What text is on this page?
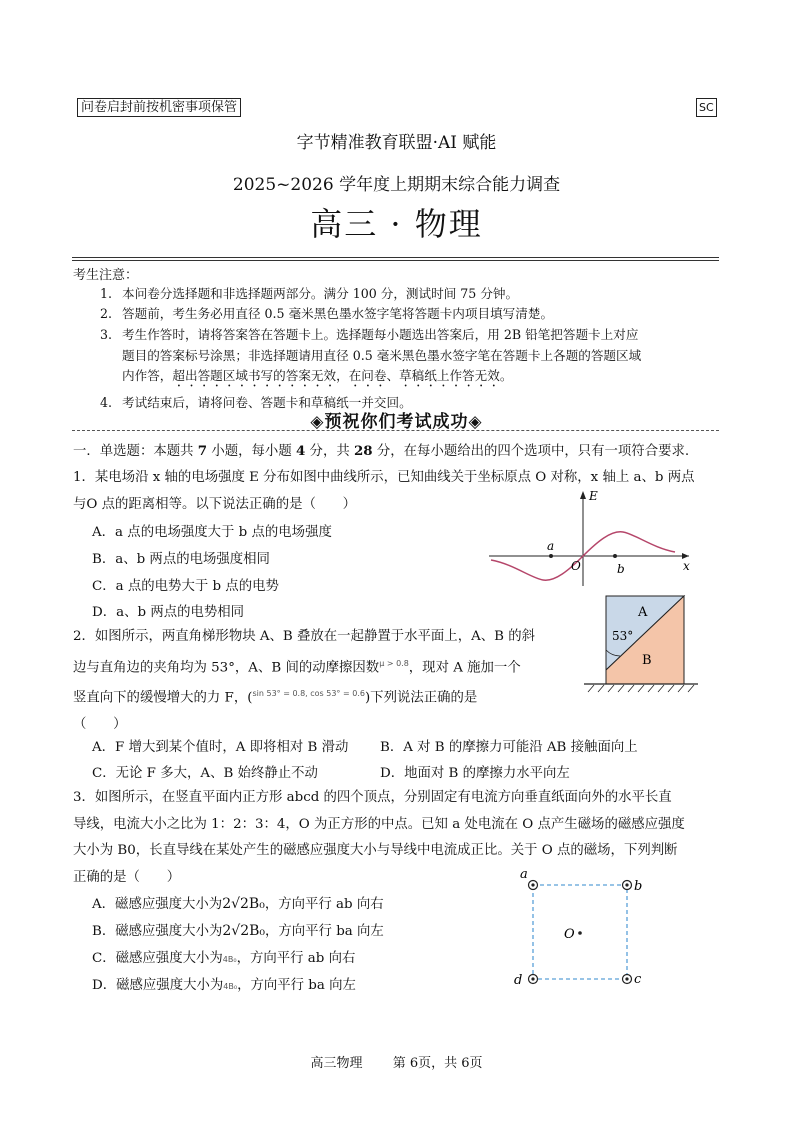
问卷启封前按机密事项保管	SC
字节精准教育联盟·AI 赋能
2025~2026 学年度上期期末综合能力调查
高三 · 物理
考生注意：
1. 本问卷分选择题和非选择题两部分。满分 100 分，测试时间 75 分钟。
2. 答题前，考生务必用直径 0.5 毫米黑色墨水签字笔将答题卡内项目填写清楚。
3. 考生作答时，请将答案答在答题卡上。选择题每小题选出答案后，用 2B 铅笔把答题卡上对应
题目的答案标号涂黑；非选择题请用直径 0.5 毫米黑色墨水签字笔在答题卡上各题的答题区域
内作答，超出答题区域书写的答案无效，在问卷、草稿纸上作答无效。
4. 考试结束后，请将问卷、答题卡和草稿纸一并交回。
◈预祝你们考试成功◈
一．单选题：本题共 7 小题，每小题 4 分，共 28 分，在每小题给出的四个选项中，只有一项符合要求.
1．某电场沿 x 轴的电场强度 E 分布如图中曲线所示，已知曲线关于坐标原点 O 对称，x 轴上 a、b 两点
与O 点的距离相等。以下说法正确的是（　　）
A．a 点的电场强度大于 b 点的电场强度
B．a、b 两点的电场强度相同
C．a 点的电势大于 b 点的电势
D．a、b 两点的电势相同
E
x
O
a
b
2．如图所示，两直角梯形物块 A、B 叠放在一起静置于水平面上，A、B 的斜
边与直角边的夹角均为 53°，A、B 间的动摩擦因数$^{\mu > 0.8}$，现对 A 施加一个
竖直向下的缓慢增大的力 F，($^{sin 53^\circ = 0.8, cos 53^\circ = 0.6}$)下列说法正确的是
（　　）
A．F 增大到某个值时，A 即将相对 B 滑动 B．A 对 B 的摩擦力可能沿 AB 接触面向上
C．无论 F 多大，A、B 始终静止不动	D．地面对 B 的摩擦力水平向左
A
B
53°
3．如图所示，在竖直平面内正方形 abcd 的四个顶点，分别固定有电流方向垂直纸面向外的水平长直
导线，电流大小之比为 1：2：3：4，O 为正方形的中点。已知 a 处电流在 O 点产生磁场的磁感应强度
大小为 B0，长直导线在某处产生的磁感应强度大小与导线中电流成正比。关于 O 点的磁场，下列判断
正确的是（　　）
A．磁感应强度大小为2√2B₀，方向平行 ab 向右
B．磁感应强度大小为2√2B₀，方向平行 ba 向左
C．磁感应强度大小为4B₀，方向平行 ab 向右
D．磁感应强度大小为4B₀，方向平行 ba 向左
a
b
c
d
O
高三物理 第 6页，共 6页
